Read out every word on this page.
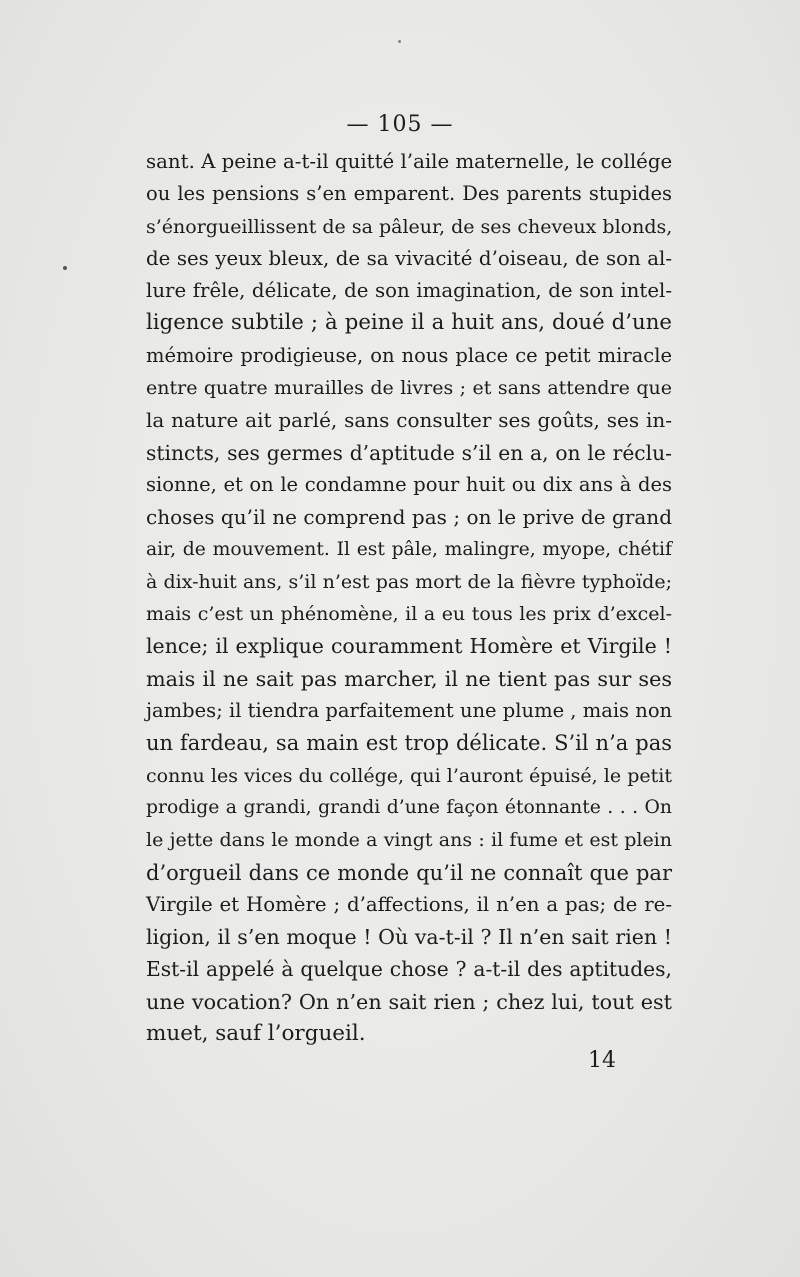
— 105 —
sant. A peine a-t-il quitté l’aile maternelle, le collége
ou les pensions s’en emparent. Des parents stupides
s’énorgueillissent de sa pâleur, de ses cheveux blonds,
de ses yeux bleux, de sa vivacité d’oiseau, de son al-
lure frêle, délicate, de son imagination, de son intel-
ligence subtile ; à peine il a huit ans, doué d’une
mémoire prodigieuse, on nous place ce petit miracle
entre quatre murailles de livres ; et sans attendre que
la nature ait parlé, sans consulter ses goûts, ses in-
stincts, ses germes d’aptitude s’il en a, on le réclu-
sionne, et on le condamne pour huit ou dix ans à des
choses qu’il ne comprend pas ; on le prive de grand
air, de mouvement. Il est pâle, malingre, myope, chétif
à dix-huit ans, s’il n’est pas mort de la fièvre typhoïde;
mais c’est un phénomène, il a eu tous les prix d’excel-
lence; il explique couramment Homère et Virgile !
mais il ne sait pas marcher, il ne tient pas sur ses
jambes; il tiendra parfaitement une plume , mais non
un fardeau, sa main est trop délicate. S’il n’a pas
connu les vices du collége, qui l’auront épuisé, le petit
prodige a grandi, grandi d’une façon étonnante . . . On
le jette dans le monde a vingt ans : il fume et est plein
d’orgueil dans ce monde qu’il ne connaît que par
Virgile et Homère ; d’affections, il n’en a pas; de re-
ligion, il s’en moque ! Où va-t-il ? Il n’en sait rien !
Est-il appelé à quelque chose ? a-t-il des aptitudes,
une vocation? On n’en sait rien ; chez lui, tout est
muet, sauf l’orgueil.
14
